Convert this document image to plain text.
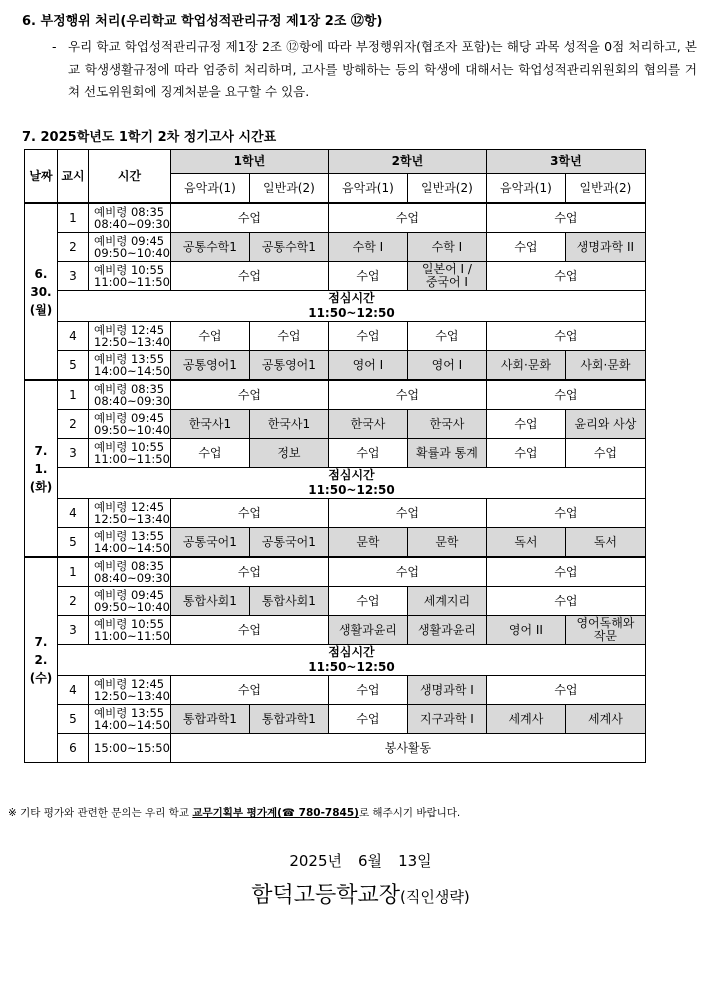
6. 부정행위 처리(우리학교 학업성적관리규정 제1장 2조 ⑫항)
- 우리 학교 학업성적관리규정 제1장 2조 ⑫항에 따라 부정행위자(협조자 포함)는 해당 과목 성적을 0점 처리하고, 본교 학생생활규정에 따라 엄중히 처리하며, 고사를 방해하는 등의 학생에 대해서는 학업성적관리위원회의 협의를 거쳐 선도위원회에 징계처분을 요구할 수 있음.
7. 2025학년도 1학기 2차 정기고사 시간표
날짜	교시	시간	1학년		2학년		3학년	
			음악과(1)	일반과(2)	음악과(1)	일반과(2)	음악과(1)	일반과(2)
6.
30.
(월)	1	예비령 08:35
08:40~09:30	수업		수업		수업	
	2	예비령 09:45
09:50~10:40	공통수학1	공통수학1	수학 I	수학 I	수업	생명과학 II
	3	예비령 10:55
11:00~11:50	수업		수업	일본어 I /
중국어 I	수업	
	점심시간
11:50~12:50							
	4	예비령 12:45
12:50~13:40	수업	수업	수업	수업	수업	
	5	예비령 13:55
14:00~14:50	공통영어1	공통영어1	영어 I	영어 I	사회·문화	사회·문화
7.
1.
(화)	1	예비령 08:35
08:40~09:30	수업		수업		수업	
	2	예비령 09:45
09:50~10:40	한국사1	한국사1	한국사	한국사	수업	윤리와 사상
	3	예비령 10:55
11:00~11:50	수업	정보	수업	확률과 통계	수업	수업
	점심시간
11:50~12:50							
	4	예비령 12:45
12:50~13:40	수업		수업		수업	
	5	예비령 13:55
14:00~14:50	공통국어1	공통국어1	문학	문학	독서	독서
7.
2.
(수)	1	예비령 08:35
08:40~09:30	수업		수업		수업	
	2	예비령 09:45
09:50~10:40	통합사회1	통합사회1	수업	세계지리	수업	
	3	예비령 10:55
11:00~11:50	수업		생활과윤리	생활과윤리	영어 II	영어독해와
작문
	점심시간
11:50~12:50							
	4	예비령 12:45
12:50~13:40	수업		수업	생명과학 I	수업	
	5	예비령 13:55
14:00~14:50	통합과학1	통합과학1	수업	지구과학 I	세계사	세계사
	6	15:00~15:50	봉사활동					
※ 기타 평가와 관련한 문의는 우리 학교 교무기획부 평가계(☎ 780-7845)로 해주시기 바랍니다.
2025년 6월 13일
함덕고등학교장(직인생략)
